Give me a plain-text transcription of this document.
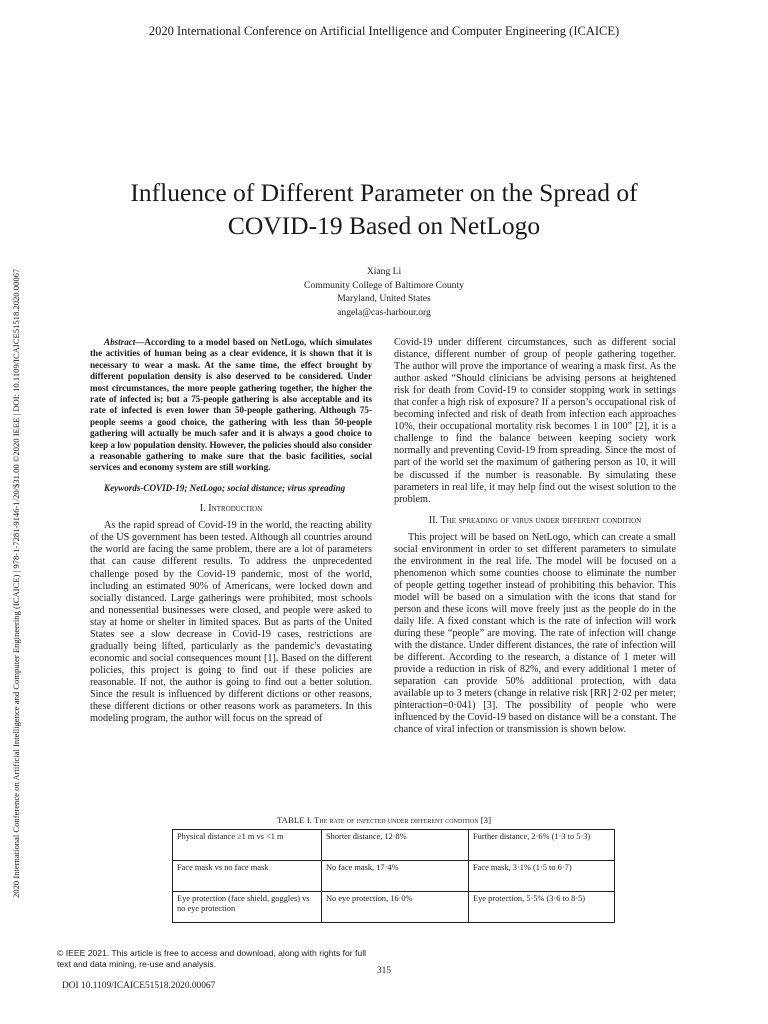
2020 International Conference on Artificial Intelligence and Computer Engineering (ICAICE)
2020 International Conference on Artificial Intelligence and Computer Engineering (ICAICE) | 978-1-7281-9146-1/20/$31.00 ©2020 IEEE | DOI: 10.1109/ICAICE51518.2020.00067
Influence of Different Parameter on the Spread of
COVID-19 Based on NetLogo
Xiang Li
Community College of Baltimore County
Maryland, United States
angela@cas-harbour.org

Abstract—According to a model based on NetLogo, which simulates the activities of human being as a clear evidence, it is shown that it is necessary to wear a mask. At the same time, the effect brought by different population density is also deserved to be considered. Under most circumstances, the more people gathering together, the higher the rate of infected is; but a 75-people gathering is also acceptable and its rate of infected is even lower than 50-people gathering. Although 75-people seems a good choice, the gathering with less than 50-people gathering will actually be much safer and it is always a good choice to keep a low population density. However, the policies should also consider a reasonable gathering to make sure that the basic facilities, social services and economy system are still working.

Keywords-COVID-19; NetLogo; social distance; virus spreading

I. Introduction

As the rapid spread of Covid-19 in the world, the reacting ability of the US government has been tested. Although all countries around the world are facing the same problem, there are a lot of parameters that can cause different results. To address the unprecedented challenge posed by the Covid-19 pandemic, most of the world, including an estimated 90% of Americans, were locked down and socially distanced. Large gatherings were prohibited, most schools and nonessential businesses were closed, and people were asked to stay at home or shelter in limited spaces. But as parts of the United States see a slow decrease in Covid-19 cases, restrictions are gradually being lifted, particularly as the pandemic's devastating economic and social consequences mount [1]. Based on the different policies, this project is going to find out if these policies are reasonable. If not, the author is going to find out a better solution. Since the result is influenced by different dictions or other reasons, these different dictions or other reasons work as parameters. In this modeling program, the author will focus on the spread of

Covid-19 under different circumstances, such as different social distance, different number of group of people gathering together. The author will prove the importance of wearing a mask first. As the author asked “Should clinicians be advising persons at heightened risk for death from Covid-19 to consider stopping work in settings that confer a high risk of exposure? If a person’s occupational risk of becoming infected and risk of death from infection each approaches 10%, their occupational mortality risk becomes 1 in 100” [2], it is a challenge to find the balance between keeping society work normally and preventing Covid-19 from spreading. Since the most of part of the world set the maximum of gathering person as 10, it will be discussed if the number is reasonable. By simulating these parameters in real life, it may help find out the wisest solution to the problem.

II. The spreading of virus under different condition

This project will be based on NetLogo, which can create a small social environment in order to set different parameters to simulate the environment in the real life. The model will be focused on a phenomenon which some counties choose to eliminate the number of people getting together instead of prohibiting this behavior. This model will be based on a simulation with the icons that stand for person and these icons will move freely just as the people do in the daily life. A fixed constant which is the rate of infection will work during these “people” are moving. The rate of infection will change with the distance. Under different distances, the rate of infection will be different. According to the research, a distance of 1 meter will provide a reduction in risk of 82%, and every additional 1 meter of separation can provide 50% additional protection, with data available up to 3 meters (change in relative risk [RR] 2·02 per meter; pinteraction=0·041) [3]. The possibility of people who were influenced by the Covid-19 based on distance will be a constant. The chance of viral infection or transmission is shown below.

TABLE I. The rate of infected under different condition [3]
Physical distance ≥1 m vs <1 m	Shorter distance, 12·8%	Further distance, 2·6% (1·3 to 5·3)
Face mask vs no face mask	No face mask, 17·4%	Face mask, 3·1% (1·5 to 6·7)
Eye protection (face shield, goggles) vs no eye protection	No eye protection, 16·0%	Eye protection, 5·5% (3·6 to 8·5)
© IEEE 2021. This article is free to access and download, along with rights for full text and data mining, re-use and analysis.
315
DOI 10.1109/ICAICE51518.2020.00067
